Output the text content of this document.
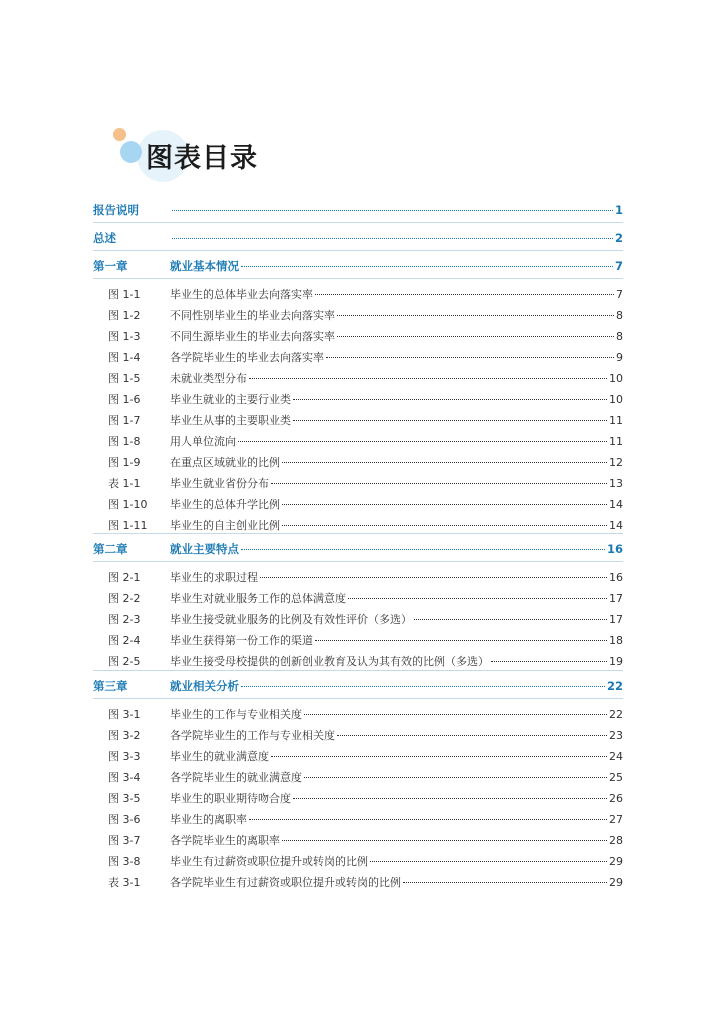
图表目录
报告说明	1
总述	2
第一章	就业基本情况	7
图 1-1	毕业生的总体毕业去向落实率	7
图 1-2	不同性别毕业生的毕业去向落实率	8
图 1-3	不同生源毕业生的毕业去向落实率	8
图 1-4	各学院毕业生的毕业去向落实率	9
图 1-5	未就业类型分布	10
图 1-6	毕业生就业的主要行业类	10
图 1-7	毕业生从事的主要职业类	11
图 1-8	用人单位流向	11
图 1-9	在重点区域就业的比例	12
表 1-1	毕业生就业省份分布	13
图 1-10	毕业生的总体升学比例	14
图 1-11	毕业生的自主创业比例	14
第二章	就业主要特点	16
图 2-1	毕业生的求职过程	16
图 2-2	毕业生对就业服务工作的总体满意度	17
图 2-3	毕业生接受就业服务的比例及有效性评价（多选）	17
图 2-4	毕业生获得第一份工作的渠道	18
图 2-5	毕业生接受母校提供的创新创业教育及认为其有效的比例（多选）	19
第三章	就业相关分析	22
图 3-1	毕业生的工作与专业相关度	22
图 3-2	各学院毕业生的工作与专业相关度	23
图 3-3	毕业生的就业满意度	24
图 3-4	各学院毕业生的就业满意度	25
图 3-5	毕业生的职业期待吻合度	26
图 3-6	毕业生的离职率	27
图 3-7	各学院毕业生的离职率	28
图 3-8	毕业生有过薪资或职位提升或转岗的比例	29
表 3-1	各学院毕业生有过薪资或职位提升或转岗的比例	29
